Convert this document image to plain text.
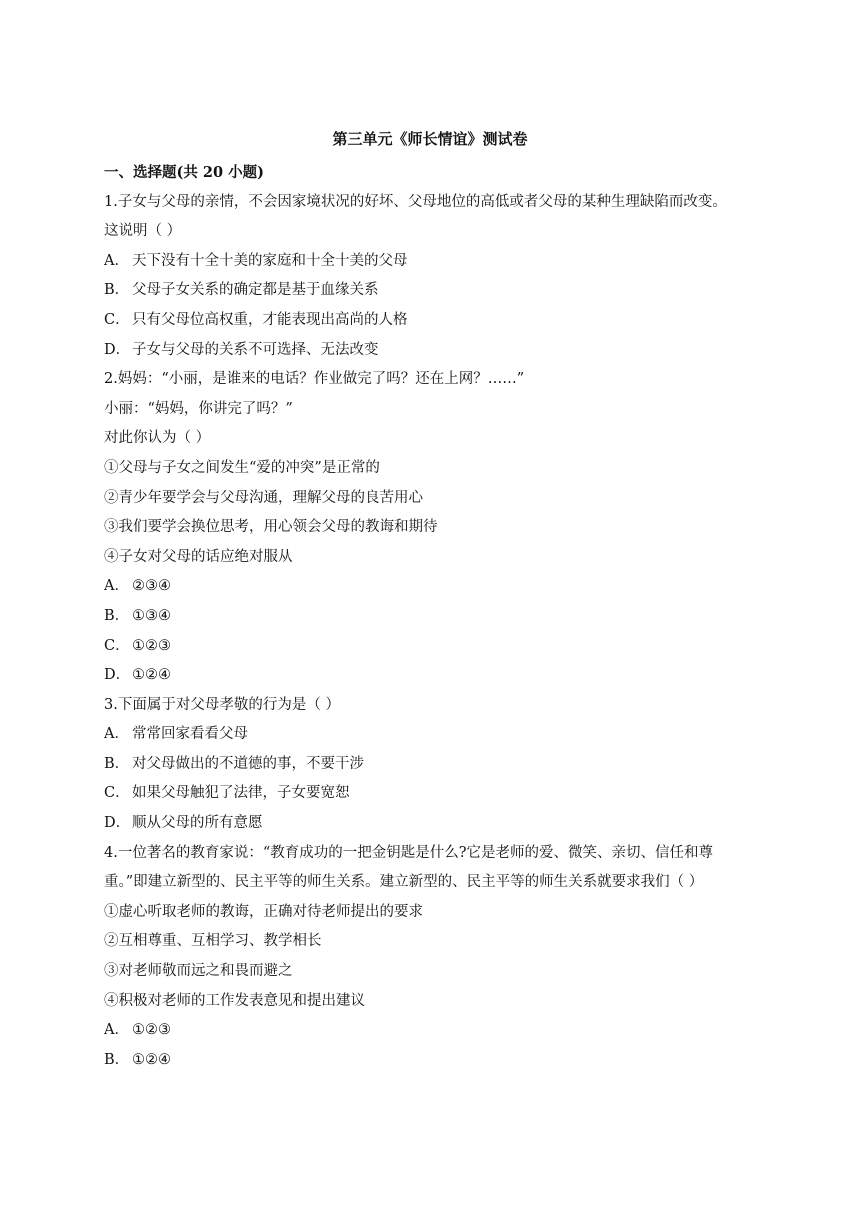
第三单元《师长情谊》测试卷
一、选择题(共 20 小题)
1.子女与父母的亲情，不会因家境状况的好坏、父母地位的高低或者父母的某种生理缺陷而改变。
这说明（ ）
A． 天下没有十全十美的家庭和十全十美的父母
B． 父母子女关系的确定都是基于血缘关系
C． 只有父母位高权重，才能表现出高尚的人格
D． 子女与父母的关系不可选择、无法改变
2.妈妈：“小丽，是谁来的电话？作业做完了吗？还在上网？……”
小丽：“妈妈，你讲完了吗？”
对此你认为（ ）
①父母与子女之间发生“爱的冲突”是正常的
②青少年要学会与父母沟通，理解父母的良苦用心
③我们要学会换位思考，用心领会父母的教诲和期待
④子女对父母的话应绝对服从
A． ②③④
B． ①③④
C． ①②③
D． ①②④
3.下面属于对父母孝敬的行为是（ ）
A． 常常回家看看父母
B． 对父母做出的不道德的事，不要干涉
C． 如果父母触犯了法律，子女要宽恕
D． 顺从父母的所有意愿
4.一位著名的教育家说：“教育成功的一把金钥匙是什么?它是老师的爱、微笑、亲切、信任和尊
重。”即建立新型的、民主平等的师生关系。建立新型的、民主平等的师生关系就要求我们（ ）
①虚心听取老师的教诲，正确对待老师提出的要求
②互相尊重、互相学习、教学相长
③对老师敬而远之和畏而避之
④积极对老师的工作发表意见和提出建议
A． ①②③
B． ①②④
